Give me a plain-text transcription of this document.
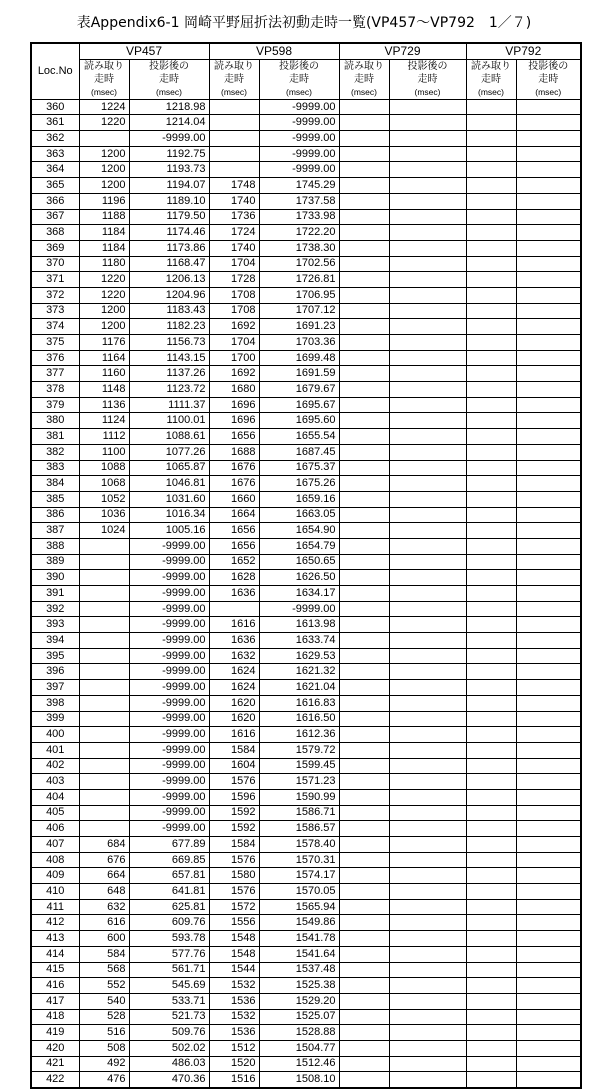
表Appendix6-1 岡崎平野屈折法初動走時一覧(VP457～VP792　1／７)
Loc.No	VP457		VP598		VP729		VP792	

	読み取り
走時
(msec)	投影後の
走時
(msec)	読み取り
走時
(msec)	投影後の
走時
(msec)	読み取り
走時
(msec)	投影後の
走時
(msec)	読み取り
走時
(msec)	投影後の
走時
(msec)

360	1224	1218.98		-9999.00				
361	1220	1214.04		-9999.00				
362		-9999.00		-9999.00				
363	1200	1192.75		-9999.00				
364	1200	1193.73		-9999.00				
365	1200	1194.07	1748	1745.29				
366	1196	1189.10	1740	1737.58				
367	1188	1179.50	1736	1733.98				
368	1184	1174.46	1724	1722.20				
369	1184	1173.86	1740	1738.30				
370	1180	1168.47	1704	1702.56				
371	1220	1206.13	1728	1726.81				
372	1220	1204.96	1708	1706.95				
373	1200	1183.43	1708	1707.12				
374	1200	1182.23	1692	1691.23				
375	1176	1156.73	1704	1703.36				
376	1164	1143.15	1700	1699.48				
377	1160	1137.26	1692	1691.59				
378	1148	1123.72	1680	1679.67				
379	1136	1111.37	1696	1695.67				
380	1124	1100.01	1696	1695.60				
381	1112	1088.61	1656	1655.54				
382	1100	1077.26	1688	1687.45				
383	1088	1065.87	1676	1675.37				
384	1068	1046.81	1676	1675.26				
385	1052	1031.60	1660	1659.16				
386	1036	1016.34	1664	1663.05				
387	1024	1005.16	1656	1654.90				
388		-9999.00	1656	1654.79				
389		-9999.00	1652	1650.65				
390		-9999.00	1628	1626.50				
391		-9999.00	1636	1634.17				
392		-9999.00		-9999.00				
393		-9999.00	1616	1613.98				
394		-9999.00	1636	1633.74				
395		-9999.00	1632	1629.53				
396		-9999.00	1624	1621.32				
397		-9999.00	1624	1621.04				
398		-9999.00	1620	1616.83				
399		-9999.00	1620	1616.50				
400		-9999.00	1616	1612.36				
401		-9999.00	1584	1579.72				
402		-9999.00	1604	1599.45				
403		-9999.00	1576	1571.23				
404		-9999.00	1596	1590.99				
405		-9999.00	1592	1586.71				
406		-9999.00	1592	1586.57				
407	684	677.89	1584	1578.40				
408	676	669.85	1576	1570.31				
409	664	657.81	1580	1574.17				
410	648	641.81	1576	1570.05				
411	632	625.81	1572	1565.94				
412	616	609.76	1556	1549.86				
413	600	593.78	1548	1541.78				
414	584	577.76	1548	1541.64				
415	568	561.71	1544	1537.48				
416	552	545.69	1532	1525.38				
417	540	533.71	1536	1529.20				
418	528	521.73	1532	1525.07				
419	516	509.76	1536	1528.88				
420	508	502.02	1512	1504.77				
421	492	486.03	1520	1512.46				
422	476	470.36	1516	1508.10				
